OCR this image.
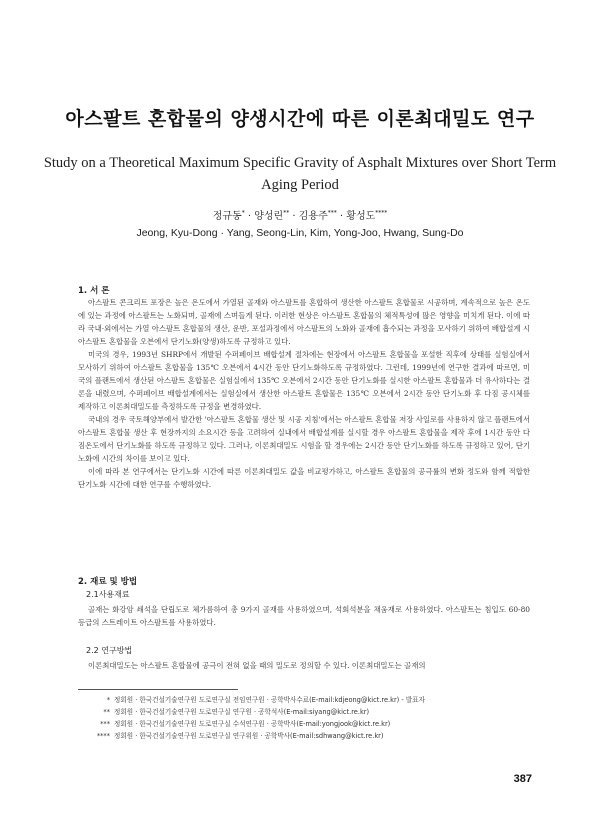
아스팔트 혼합물의 양생시간에 따른 이론최대밀도 연구
Study on a Theoretical Maximum Specific Gravity of Asphalt Mixtures over Short Term Aging Period
정규동* · 양성린** · 김용주*** · 황성도****
Jeong, Kyu-Dong · Yang, Seong-Lin, Kim, Yong-Joo, Hwang, Sung-Do
1. 서 론

아스팔트 콘크리트 포장은 높은 온도에서 가열된 골재와 아스팔트를 혼합하여 생산한 아스팔트 혼합물로 시공하며, 계속적으로 높은 온도에 있는 과정에 아스팔트는 노화되며, 골재에 스며들게 된다. 이러한 현상은 아스팔트 혼합물의 체적특성에 많은 영향을 미치게 된다. 이에 따라 국내·외에서는 가열 아스팔트 혼합물의 생산, 운반, 포설과정에서 아스팔트의 노화와 골재에 흡수되는 과정을 모사하기 위하여 배합설계 시 아스팔트 혼합물을 오븐에서 단기노화(양생)하도록 규정하고 있다.

미국의 경우, 1993년 SHRP에서 개발된 수퍼페이브 배합설계 절차에는 현장에서 아스팔트 혼합물을 포설한 직후에 상태를 실험실에서 모사하기 위하여 아스팔트 혼합물을 135℃ 오븐에서 4시간 동안 단기노화하도록 규정하였다. 그런데, 1999년에 연구한 결과에 따르면, 미국의 플랜트에서 생산된 아스팔트 혼합물은 실험실에서 135℃ 오븐에서 2시간 동안 단기노화를 실시한 아스팔트 혼합물과 더 유사하다는 결론을 내렸으며, 수퍼페이브 배합설계에서는 실험실에서 생산한 아스팔트 혼합물은 135℃ 오븐에서 2시간 동안 단기노화 후 다짐 공시체를 제작하고 이론최대밀도를 측정하도록 규정을 변경하였다.

국내의 경우 국토해양부에서 발간한 '아스팔트 혼합물 생산 및 시공 지침'에서는 아스팔트 혼합물 저장 사일로를 사용하지 않고 플랜트에서 아스팔트 혼합물 생산 후 현장까지의 소요시간 등을 고려하여 실내에서 배합설계를 실시할 경우 아스팔트 혼합물을 제작 후에 1시간 동안 다짐온도에서 단기노화를 하도록 규정하고 있다. 그러나, 이론최대밀도 시험을 할 경우에는 2시간 동안 단기노화를 하도록 규정하고 있어, 단기노화에 시간의 차이를 보이고 있다.

이에 따라 본 연구에서는 단기노화 시간에 따른 이론최대밀도 값을 비교평가하고, 아스팔트 혼합물의 공극률의 변화 정도와 함께 적합한 단기노화 시간에 대한 연구를 수행하였다.

2. 재료 및 방법
2.1사용재료

골재는 화강암 쇄석을 단립도로 체가름하여 총 9가지 골재를 사용하였으며, 석회석분을 채움재로 사용하였다. 아스팔트는 침입도 60-80 등급의 스트레이트 아스팔트를 사용하였다.

2.2 연구방법

이론최대밀도는 아스팔트 혼합물에 공극이 전혀 없을 때의 밀도로 정의할 수 있다. 이론최대밀도는 골재의

* 정회원 · 한국건설기술연구원 도로연구실 전임연구원 · 공학박사수료(E-mail:kdjeong@kict.re.kr) - 발표자
** 정회원 · 한국건설기술연구원 도로연구실 연구원 · 공학석사(E-mail:siyang@kict.re.kr)
*** 정회원 · 한국건설기술연구원 도로연구실 수석연구원 · 공학박사(E-mail:yongjook@kict.re.kr)
**** 정회원 · 한국건설기술연구원 도로연구실 연구위원 · 공학박사(E-mail:sdhwang@kict.re.kr)
387
